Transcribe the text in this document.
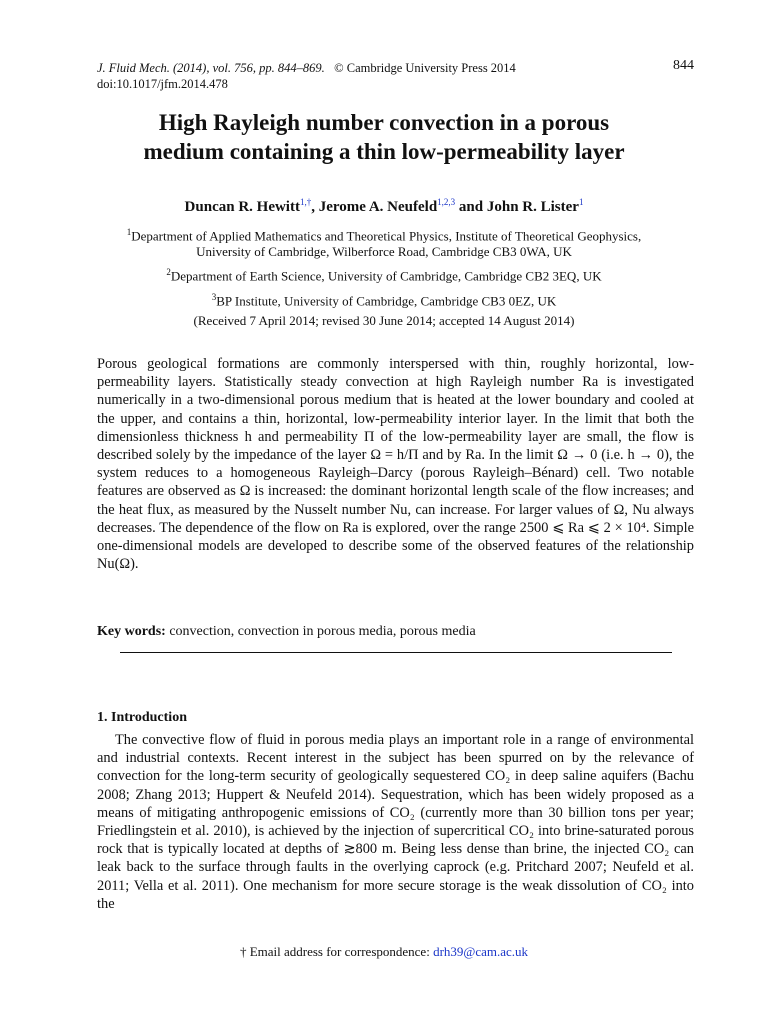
J. Fluid Mech. (2014), vol. 756, pp. 844–869. © Cambridge University Press 2014
doi:10.1017/jfm.2014.478
844
High Rayleigh number convection in a porous
medium containing a thin low-permeability layer
Duncan R. Hewitt$^{1,\dagger}$, Jerome A. Neufeld$^{1,2,3}$ and John R. Lister$^1$

$^1$Department of Applied Mathematics and Theoretical Physics, Institute of Theoretical Geophysics,
University of Cambridge, Wilberforce Road, Cambridge CB3 0WA, UK

$^2$Department of Earth Science, University of Cambridge, Cambridge CB2 3EQ, UK

$^3$BP Institute, University of Cambridge, Cambridge CB3 0EZ, UK

(Received 7 April 2014; revised 30 June 2014; accepted 14 August 2014)
Porous geological formations are commonly interspersed with thin, roughly horizontal, low-permeability layers. Statistically steady convection at high Rayleigh number Ra is investigated numerically in a two-dimensional porous medium that is heated at the lower boundary and cooled at the upper, and contains a thin, horizontal, low-permeability interior layer. In the limit that both the dimensionless thickness h and permeability Π of the low-permeability layer are small, the flow is described solely by the impedance of the layer Ω = h/Π and by Ra. In the limit Ω → 0 (i.e. h → 0), the system reduces to a homogeneous Rayleigh–Darcy (porous Rayleigh–Bénard) cell. Two notable features are observed as Ω is increased: the dominant horizontal length scale of the flow increases; and the heat flux, as measured by the Nusselt number Nu, can increase. For larger values of Ω, Nu always decreases. The dependence of the flow on Ra is explored, over the range 2500 ⩽ Ra ⩽ 2 × 10⁴. Simple one-dimensional models are developed to describe some of the observed features of the relationship Nu(Ω).
Key words: convection, convection in porous media, porous media
1. Introduction
The convective flow of fluid in porous media plays an important role in a range of environmental and industrial contexts. Recent interest in the subject has been spurred on by the relevance of convection for the long-term security of geologically sequestered CO₂ in deep saline aquifers (Bachu 2008; Zhang 2013; Huppert & Neufeld 2014). Sequestration, which has been widely proposed as a means of mitigating anthropogenic emissions of CO₂ (currently more than 30 billion tons per year; Friedlingstein et al. 2010), is achieved by the injection of supercritical CO₂ into brine-saturated porous rock that is typically located at depths of ≳800 m. Being less dense than brine, the injected CO₂ can leak back to the surface through faults in the overlying caprock (e.g. Pritchard 2007; Neufeld et al. 2011; Vella et al. 2011). One mechanism for more secure storage is the weak dissolution of CO₂ into the
† Email address for correspondence: drh39@cam.ac.uk
